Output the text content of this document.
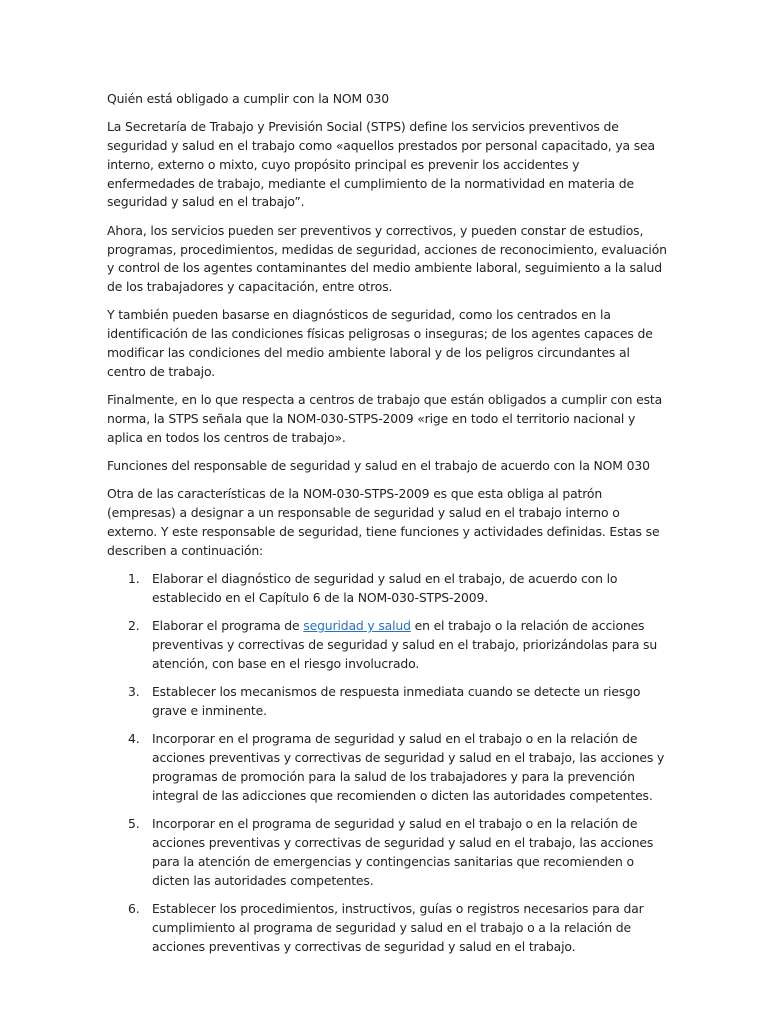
Quién está obligado a cumplir con la NOM 030

La Secretaría de Trabajo y Previsión Social (STPS) define los servicios preventivos de seguridad y salud en el trabajo como «aquellos prestados por personal capacitado, ya sea interno, externo o mixto, cuyo propósito principal es prevenir los accidentes y enfermedades de trabajo, mediante el cumplimiento de la normatividad en materia de seguridad y salud en el trabajo”.

Ahora, los servicios pueden ser preventivos y correctivos, y pueden constar de estudios, programas, procedimientos, medidas de seguridad, acciones de reconocimiento, evaluación y control de los agentes contaminantes del medio ambiente laboral, seguimiento a la salud de los trabajadores y capacitación, entre otros.

Y también pueden basarse en diagnósticos de seguridad, como los centrados en la identificación de las condiciones físicas peligrosas o inseguras; de los agentes capaces de modificar las condiciones del medio ambiente laboral y de los peligros circundantes al centro de trabajo.

Finalmente, en lo que respecta a centros de trabajo que están obligados a cumplir con esta norma, la STPS señala que la NOM-030-STPS-2009 «rige en todo el territorio nacional y aplica en todos los centros de trabajo».

Funciones del responsable de seguridad y salud en el trabajo de acuerdo con la NOM 030

Otra de las características de la NOM-030-STPS-2009 es que esta obliga al patrón (empresas) a designar a un responsable de seguridad y salud en el trabajo interno o externo. Y este responsable de seguridad, tiene funciones y actividades definidas. Estas se describen a continuación:

1.	Elaborar el diagnóstico de seguridad y salud en el trabajo, de acuerdo con lo establecido en el Capítulo 6 de la NOM-030-STPS-2009.
2.	Elaborar el programa de seguridad y salud en el trabajo o la relación de acciones preventivas y correctivas de seguridad y salud en el trabajo, priorizándolas para su atención, con base en el riesgo involucrado.
3.	Establecer los mecanismos de respuesta inmediata cuando se detecte un riesgo grave e inminente.
4.	Incorporar en el programa de seguridad y salud en el trabajo o en la relación de acciones preventivas y correctivas de seguridad y salud en el trabajo, las acciones y programas de promoción para la salud de los trabajadores y para la prevención integral de las adicciones que recomienden o dicten las autoridades competentes.
5.	Incorporar en el programa de seguridad y salud en el trabajo o en la relación de acciones preventivas y correctivas de seguridad y salud en el trabajo, las acciones para la atención de emergencias y contingencias sanitarias que recomienden o dicten las autoridades competentes.
6.	Establecer los procedimientos, instructivos, guías o registros necesarios para dar cumplimiento al programa de seguridad y salud en el trabajo o a la relación de acciones preventivas y correctivas de seguridad y salud en el trabajo.
